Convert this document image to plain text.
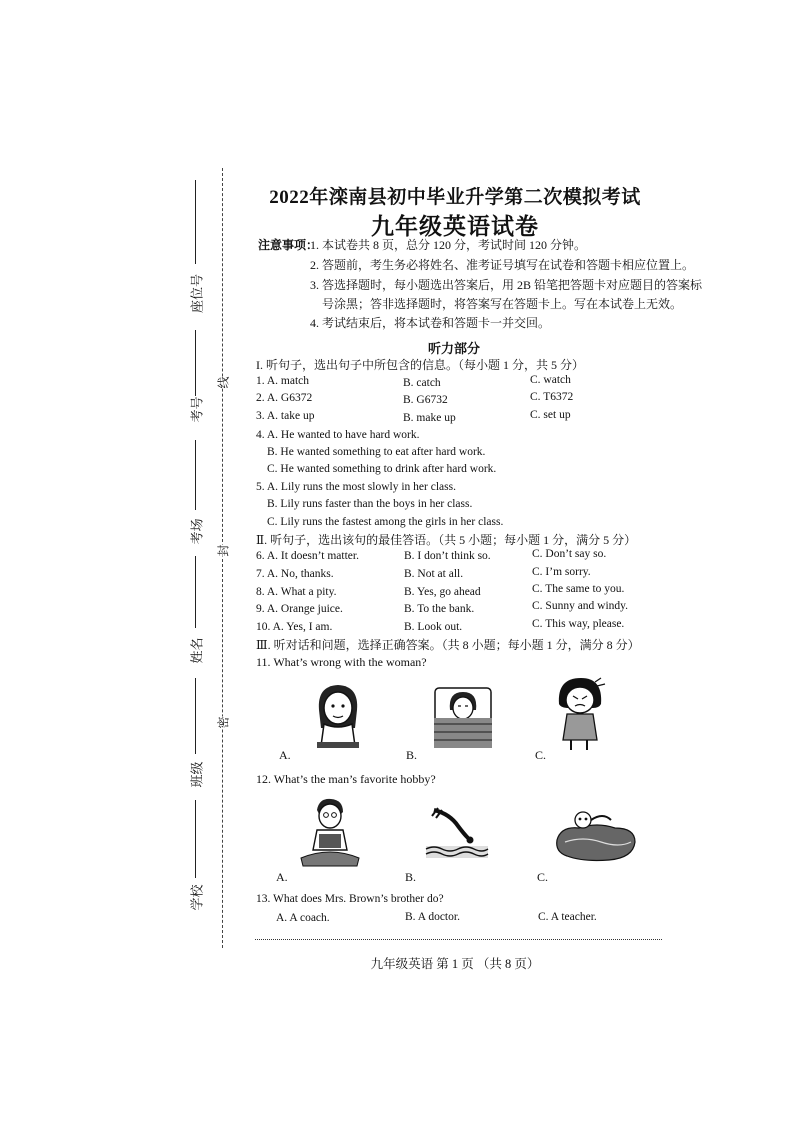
座位号
考号
考场
姓名
班级
学校
线
封
密
2022年滦南县初中毕业升学第二次模拟考试
九年级英语试卷
注意事项：
1. 本试卷共 8 页，总分 120 分，考试时间 120 分钟。
2. 答题前，考生务必将姓名、准考证号填写在试卷和答题卡相应位置上。
3. 答选择题时，每小题选出答案后，用 2B 铅笔把答题卡对应题目的答案标
号涂黑；答非选择题时，将答案写在答题卡上。写在本试卷上无效。
4. 考试结束后，将本试卷和答题卡一并交回。
听力部分
I. 听句子，选出句子中所包含的信息。（每小题 1 分，共 5 分）
1. A. match	B. catch	C. watch
2. A. G6372	B. G6732	C. T6372
3. A. take up	B. make up	C. set up
4. A. He wanted to have hard work.
B. He wanted something to eat after hard work.
C. He wanted something to drink after hard work.
5. A. Lily runs the most slowly in her class.
B. Lily runs faster than the boys in her class.
C. Lily runs the fastest among the girls in her class.
Ⅱ. 听句子，选出该句的最佳答语。（共 5 小题；每小题 1 分，满分 5 分）
6. A. It doesn’t matter.	B. I don’t think so.	C. Don’t say so.
7. A. No, thanks.	B. Not at all.	C. I’m sorry.
8. A. What a pity.	B. Yes, go ahead	C. The same to you.
9. A. Orange juice.	B. To the bank.	C. Sunny and windy.
10. A. Yes, I am.	B. Look out.	C. This way, please.
Ⅲ. 听对话和问题，选择正确答案。（共 8 小题；每小题 1 分，满分 8 分）
11. What’s wrong with the woman?
A.	B.	C.
12. What’s the man’s favorite hobby?
A.	B.	C.
13. What does Mrs. Brown’s brother do?
A. A coach.	B. A doctor.	C. A teacher.
九年级英语 第 1 页 （共 8 页）
